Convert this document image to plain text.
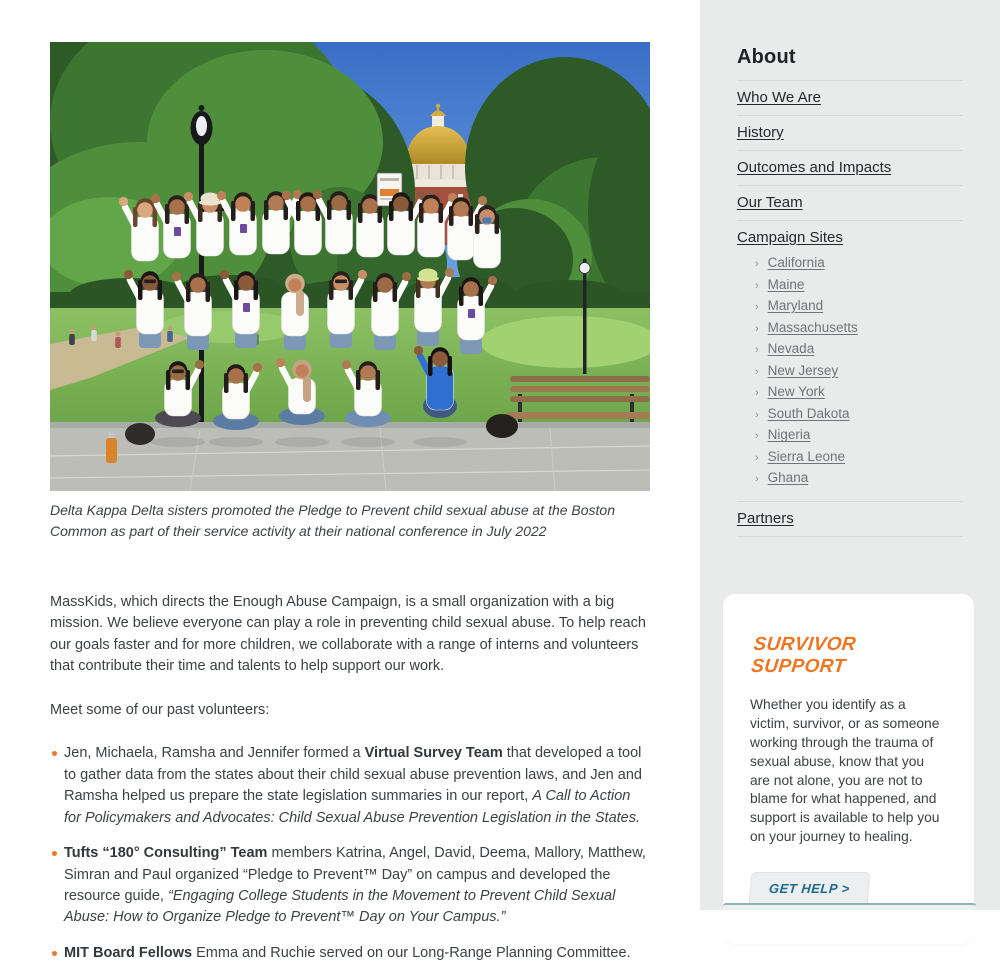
Delta Kappa Delta sisters promoted the Pledge to Prevent child sexual abuse at the Boston Common as part of their service activity at their national conference in July 2022

MassKids, which directs the Enough Abuse Campaign, is a small organization with a big mission. We believe everyone can play a role in preventing child sexual abuse. To help reach our goals faster and for more children, we collaborate with a range of interns and volunteers that contribute their time and talents to help support our work.

Meet some of our past volunteers:

Jen, Michaela, Ramsha and Jennifer formed a Virtual Survey Team that developed a tool to gather data from the states about their child sexual abuse prevention laws, and Jen and Ramsha helped us prepare the state legislation summaries in our report, A Call to Action for Policymakers and Advocates: Child Sexual Abuse Prevention Legislation in the States.
Tufts “180° Consulting” Team members Katrina, Angel, David, Deema, Mallory, Matthew, Simran and Paul organized “Pledge to Prevent™ Day” on campus and developed the resource guide, “Engaging College Students in the Movement to Prevent Child Sexual Abuse: How to Organize Pledge to Prevent™ Day on Your Campus.”
MIT Board Fellows Emma and Ruchie served on our Long-Range Planning Committee.
About
Who We Are
History
Outcomes and Impacts
Our Team
Campaign Sites
› California
› Maine
› Maryland
› Massachusetts
› Nevada
› New Jersey
› New York
› South Dakota
› Nigeria
› Sierra Leone
› Ghana
Partners
SURVIVOR SUPPORT

Whether you identify as a victim, survivor, or as someone working through the trauma of sexual abuse, know that you are not alone, you are not to blame for what happened, and support is available to help you on your journey to healing.

GET HELP >
